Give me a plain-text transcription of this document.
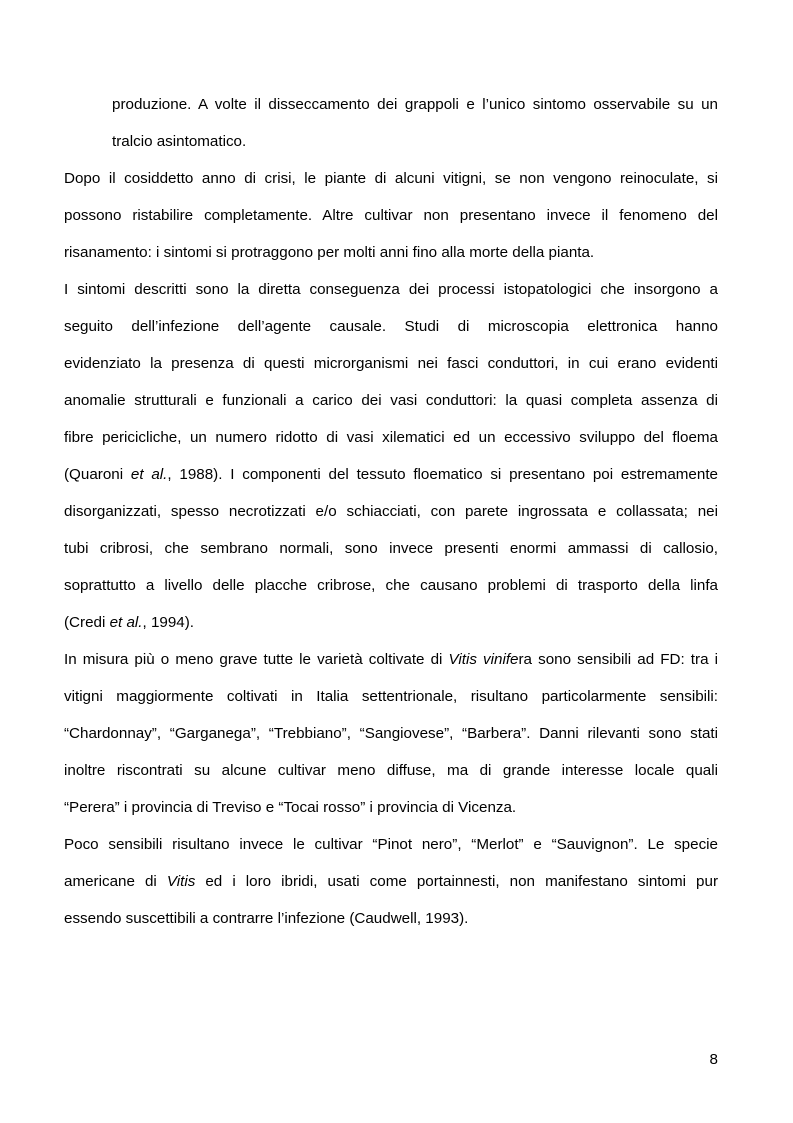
produzione. A volte il disseccamento dei grappoli e l’unico sintomo osservabile su un
tralcio asintomatico.
Dopo il cosiddetto anno di crisi, le piante di alcuni vitigni, se non vengono reinoculate, si
possono ristabilire completamente. Altre cultivar non presentano invece il fenomeno del
risanamento: i sintomi si protraggono per molti anni fino alla morte della pianta.
I sintomi descritti sono la diretta conseguenza dei processi istopatologici che insorgono a
seguito dell’infezione dell’agente causale. Studi di microscopia elettronica hanno
evidenziato la presenza di questi microrganismi nei fasci conduttori, in cui erano evidenti
anomalie strutturali e funzionali a carico dei vasi conduttori: la quasi completa assenza di
fibre pericicliche, un numero ridotto di vasi xilematici ed un eccessivo sviluppo del floema
(Quaroni et al., 1988). I componenti del tessuto floematico si presentano poi estremamente
disorganizzati, spesso necrotizzati e/o schiacciati, con parete ingrossata e collassata; nei
tubi cribrosi, che sembrano normali, sono invece presenti enormi ammassi di callosio,
soprattutto a livello delle placche cribrose, che causano problemi di trasporto della linfa
(Credi et al., 1994).
In misura più o meno grave tutte le varietà coltivate di Vitis vinifera sono sensibili ad FD: tra i
vitigni maggiormente coltivati in Italia settentrionale, risultano particolarmente sensibili:
“Chardonnay”, “Garganega”, “Trebbiano”, “Sangiovese”, “Barbera”. Danni rilevanti sono stati
inoltre riscontrati su alcune cultivar meno diffuse, ma di grande interesse locale quali
“Perera” i provincia di Treviso e “Tocai rosso” i provincia di Vicenza.
Poco sensibili risultano invece le cultivar “Pinot nero”, “Merlot” e “Sauvignon”. Le specie
americane di Vitis ed i loro ibridi, usati come portainnesti, non manifestano sintomi pur
essendo suscettibili a contrarre l’infezione (Caudwell, 1993).
8
